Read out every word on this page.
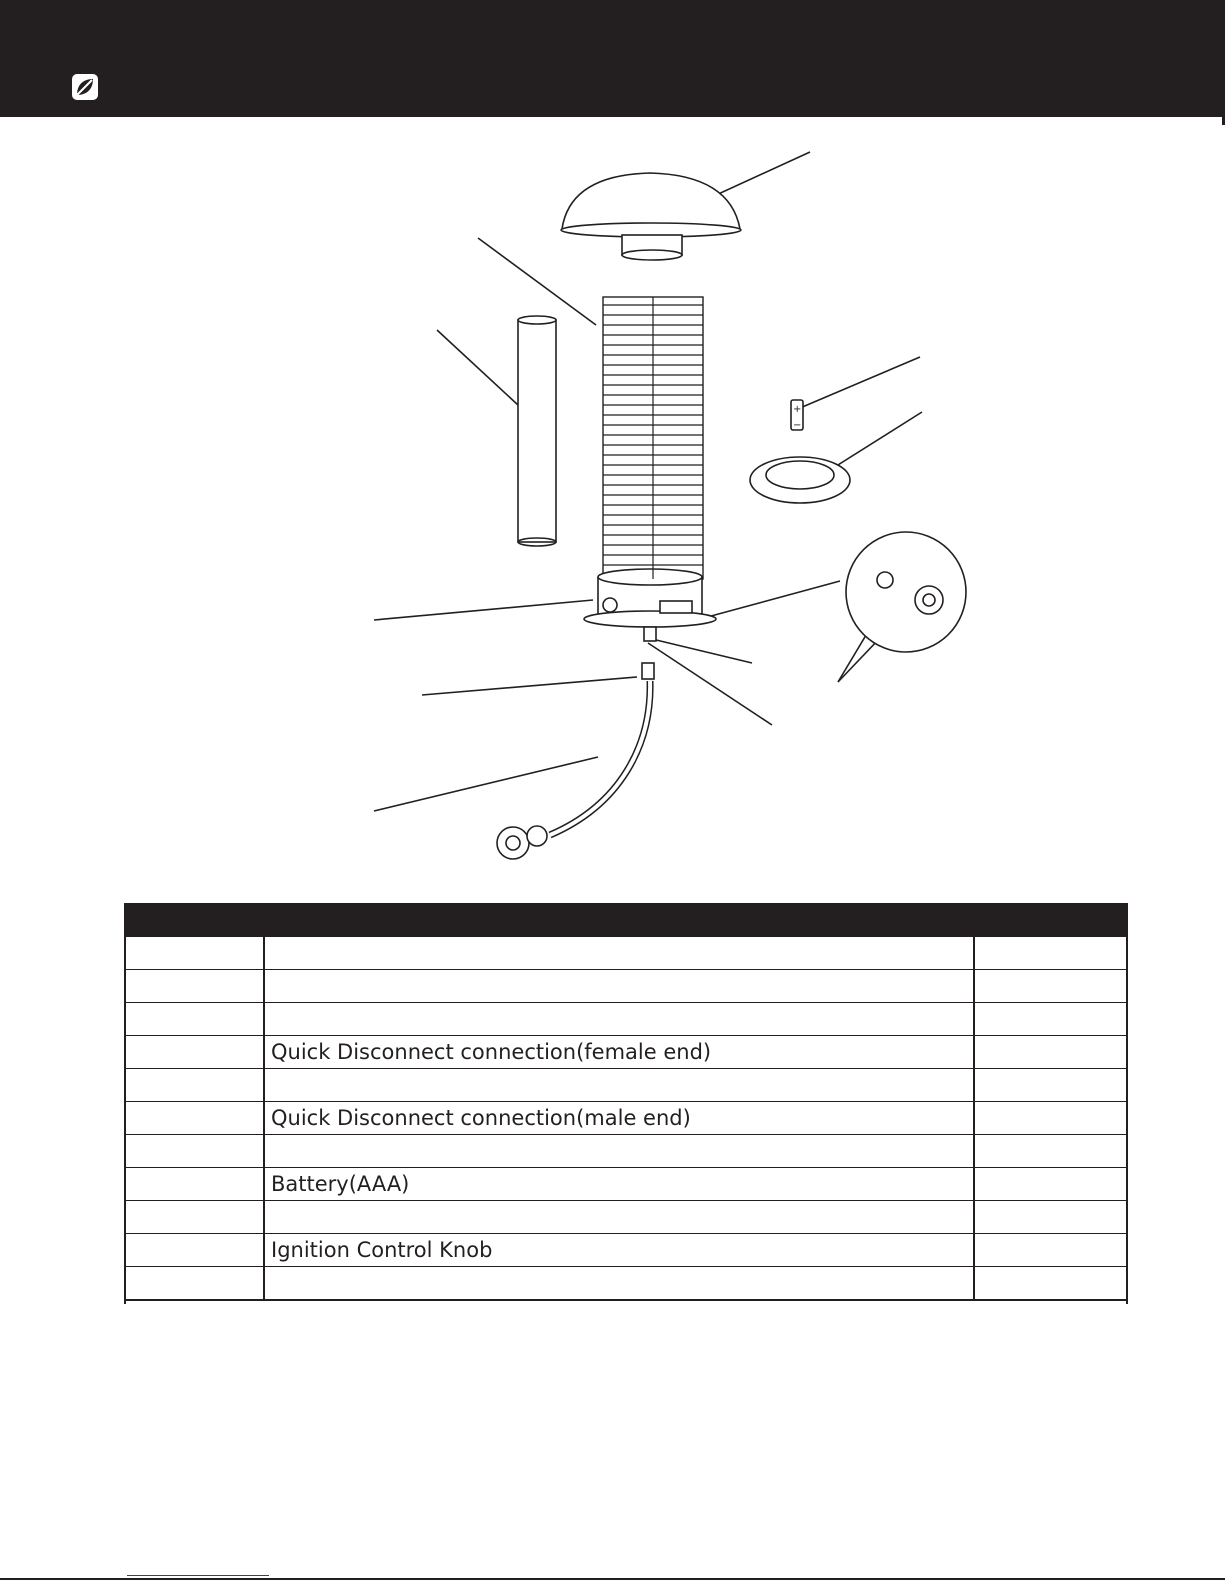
+
−

	Quick Disconnect connection(female end)	

	Quick Disconnect connection(male end)	

	Battery(AAA)	

	Ignition Control Knob	
